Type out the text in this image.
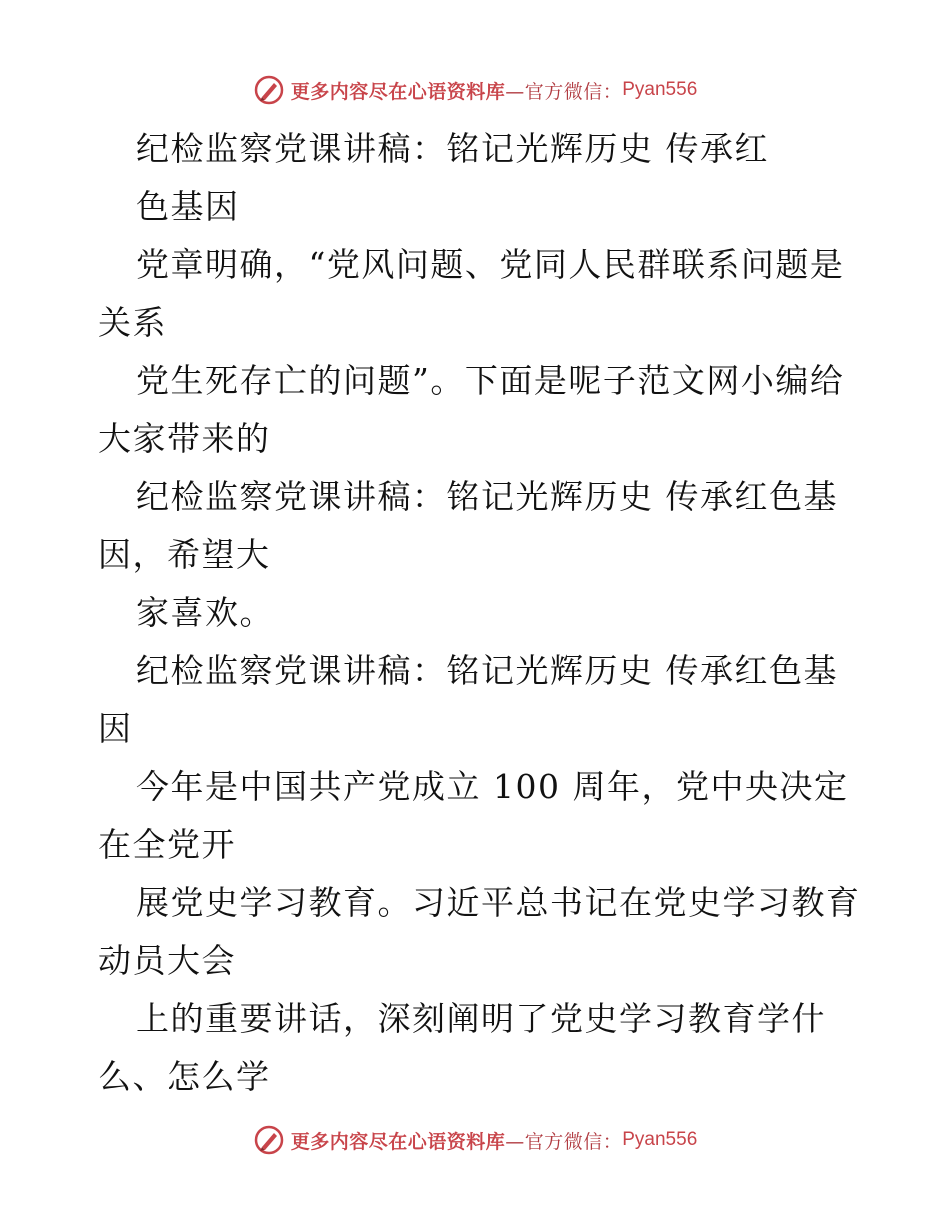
更多内容尽在心语资料库 —官方微信： Pyan556
纪检监察党课讲稿：铭记光辉历史 传承红
色基因
党章明确，“党风问题、党同人民群联系问题是
关系
党生死存亡的问题”。下面是呢子范文网小编给
大家带来的
纪检监察党课讲稿：铭记光辉历史 传承红色基
因，希望大
家喜欢。
纪检监察党课讲稿：铭记光辉历史 传承红色基
因
今年是中国共产党成立 100 周年，党中央决定
在全党开
展党史学习教育。习近平总书记在党史学习教育
动员大会
上的重要讲话，深刻阐明了党史学习教育学什
么、怎么学
更多内容尽在心语资料库 —官方微信： Pyan556
